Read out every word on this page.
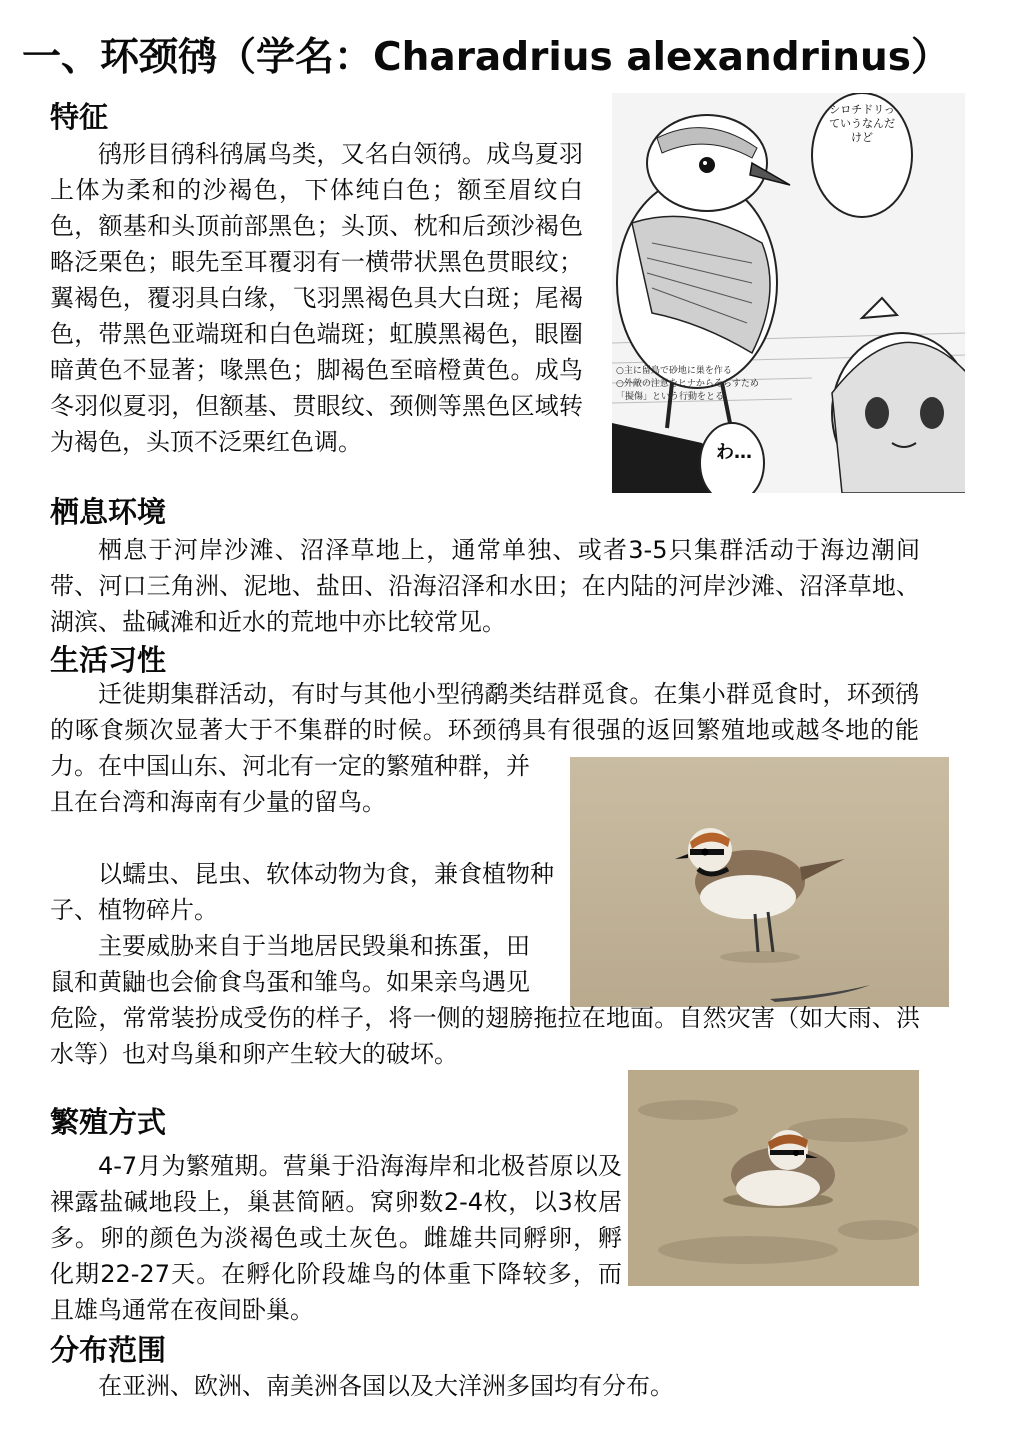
一、环颈鸻（学名：Charadrius alexandrinus）
シロチドリっていうなんだけど
○主に留鳥で砂地に巣を作る
○外敵の注意をヒナからそらすため
「擬傷」という行動をとる
わ…
特征

鸻形目鸻科鸻属鸟类，又名白领鸻。成鸟夏羽上体为柔和的沙褐色，下体纯白色；额至眉纹白色，额基和头顶前部黑色；头顶、枕和后颈沙褐色略泛栗色；眼先至耳覆羽有一横带状黑色贯眼纹；翼褐色，覆羽具白缘，飞羽黑褐色具大白斑；尾褐色，带黑色亚端斑和白色端斑；虹膜黑褐色，眼圈暗黄色不显著；喙黑色；脚褐色至暗橙黄色。成鸟冬羽似夏羽，但额基、贯眼纹、颈侧等黑色区域转为褐色，头顶不泛栗红色调。

栖息环境

栖息于河岸沙滩、沼泽草地上，通常单独、或者3-5只集群活动于海边潮间带、河口三角洲、泥地、盐田、沿海沼泽和水田；在内陆的河岸沙滩、沼泽草地、湖滨、盐碱滩和近水的荒地中亦比较常见。

生活习性

迁徙期集群活动，有时与其他小型鸻鹬类结群觅食。在集小群觅食时，环颈鸻的啄食频次显著大于不集群的时候。环颈鸻具有很强的返回繁殖地或越冬地的能力。在中国山东、河北有一定的繁殖种群，并且在台湾和海南有少量的留鸟。

以蠕虫、昆虫、软体动物为食，兼食植物种子、植物碎片。

主要威胁来自于当地居民毁巢和拣蛋，田鼠和黄鼬也会偷食鸟蛋和雏鸟。如果亲鸟遇见危险，常常装扮成受伤的样子，将一侧的翅膀拖拉在地面。自然灾害（如大雨、洪水等）也对鸟巢和卵产生较大的破坏。

繁殖方式

4-7月为繁殖期。营巢于沿海海岸和北极苔原以及裸露盐碱地段上，巢甚简陋。窝卵数2-4枚，以3枚居多。卵的颜色为淡褐色或土灰色。雌雄共同孵卵，孵化期22-27天。在孵化阶段雄鸟的体重下降较多，而且雄鸟通常在夜间卧巢。

分布范围

在亚洲、欧洲、南美洲各国以及大洋洲多国均有分布。
